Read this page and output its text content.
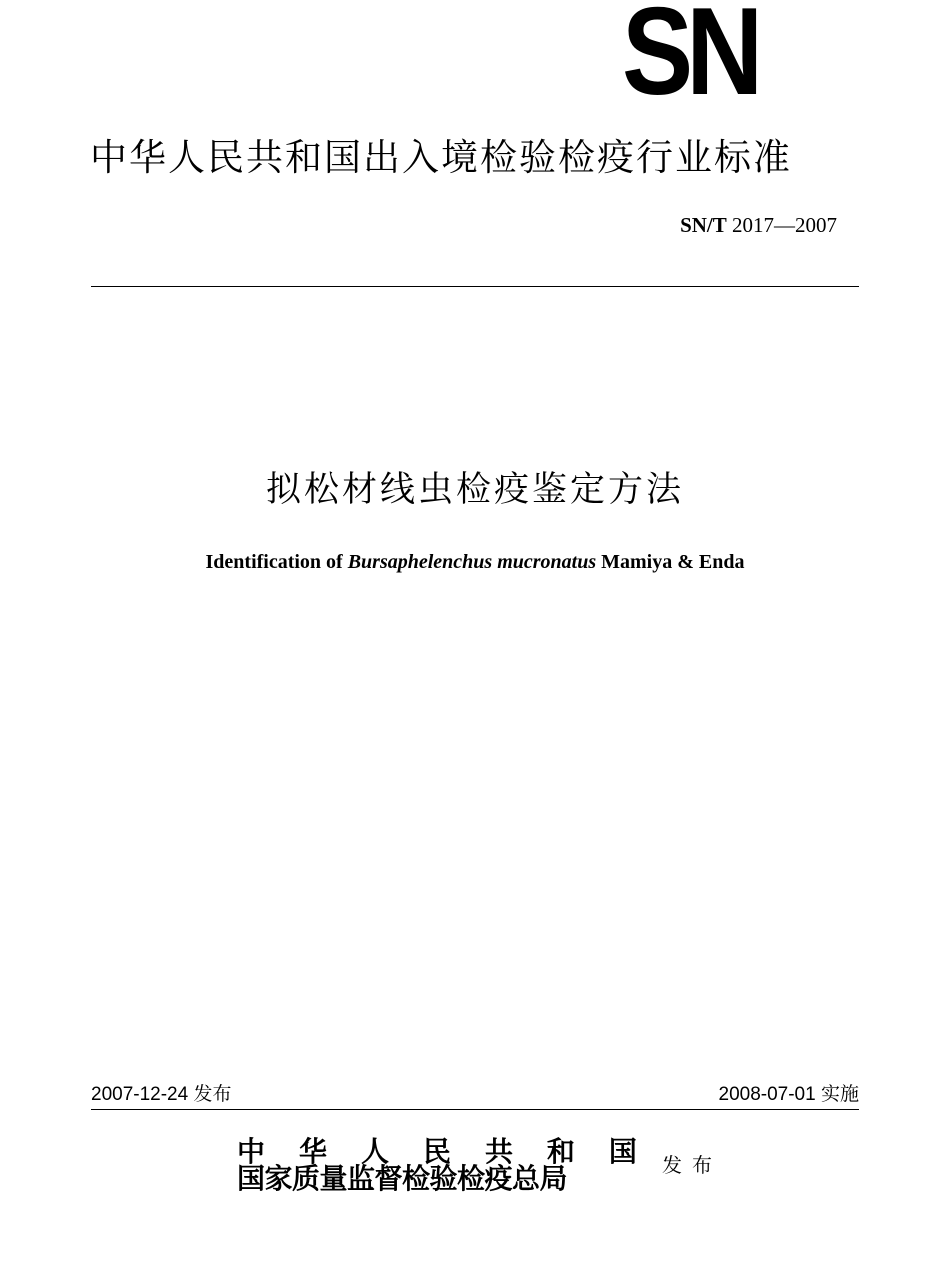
SN
中华人民共和国出入境检验检疫行业标准
SN/T 2017—2007
拟松材线虫检疫鉴定方法
Identification of Bursaphelenchus mucronatus Mamiya & Enda
2007-12-24 发布	2008-07-01 实施
中 华 人 民 共 和 国
国家质量监督检验检疫总局	发布
